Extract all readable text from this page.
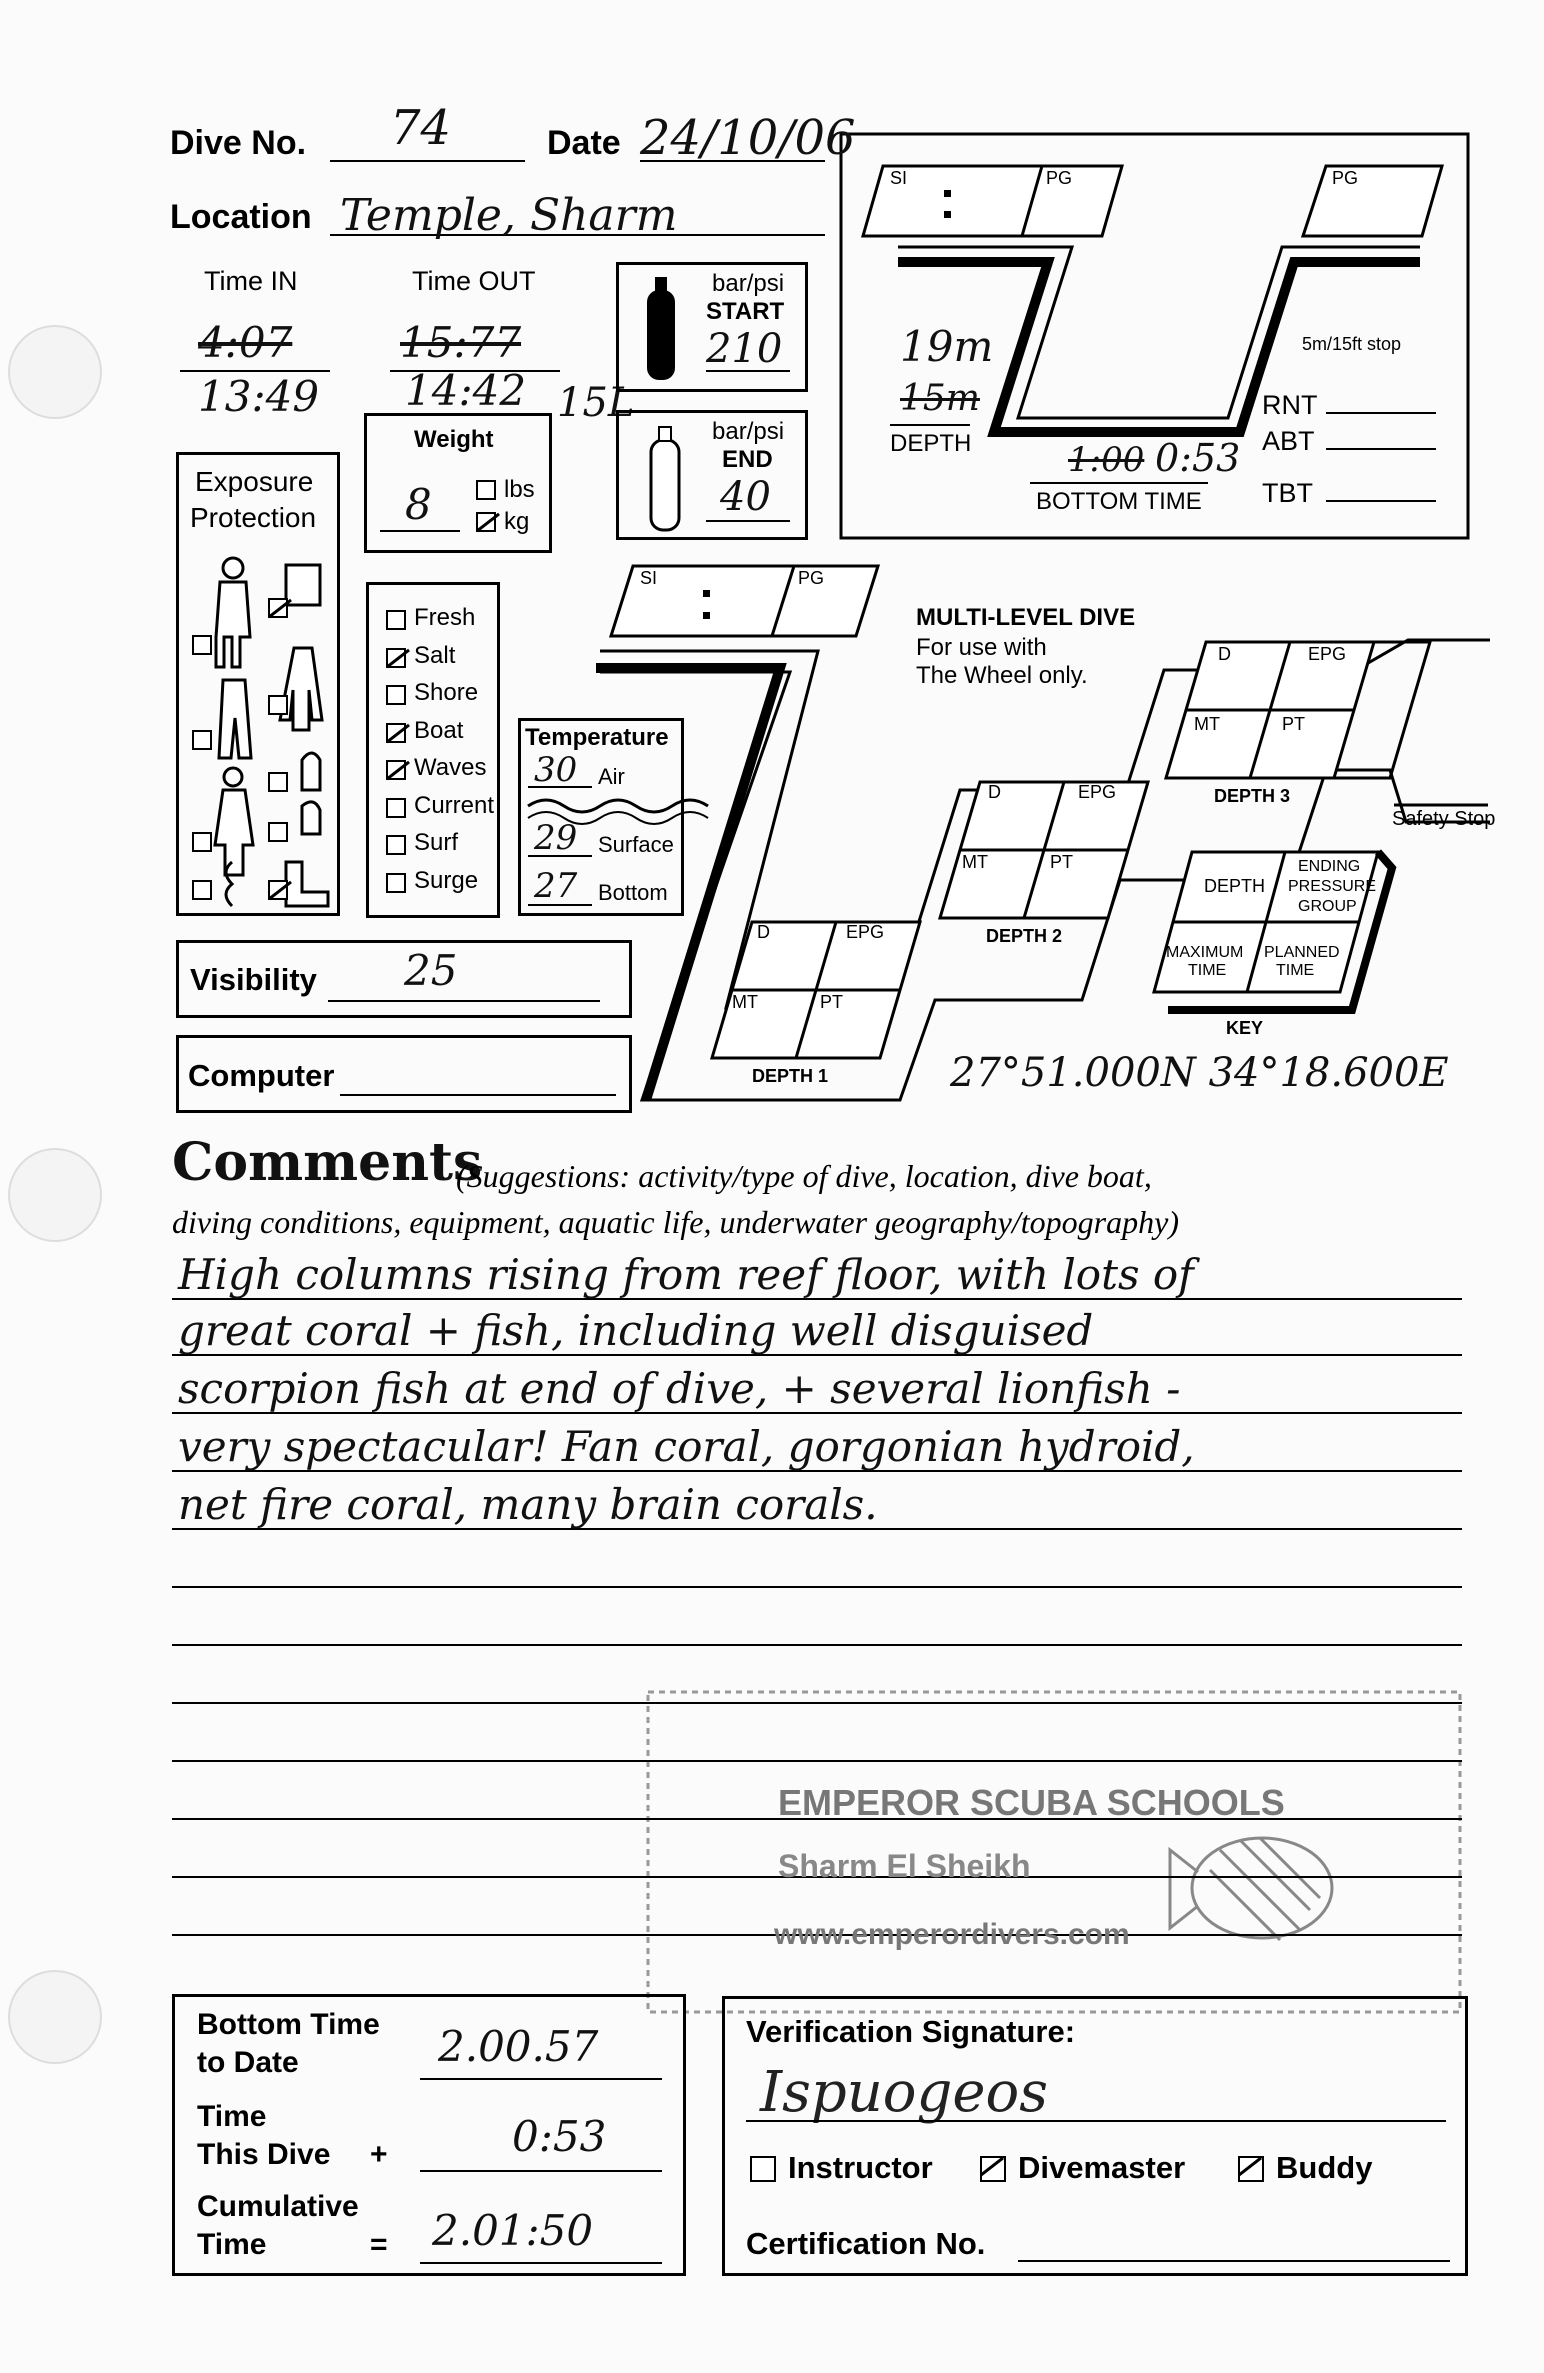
Dive No. 74	Date 24/10/06
Location Temple, Sharm
Time IN
4:07
13:49
Time OUT
15:77
14:42 15L
bar/psi
START
210
bar/psi
END
40
Weight
8	lbs
kg
Exposure
Protection
Fresh
Salt
Shore
Boat
Waves
Current
Surf
Surge
Temperature
30 Air
29 Surface
27 Bottom
Visibility 25
Computer
SI	PG	PG
19m
15m
DEPTH	1:00 0:53
BOTTOM TIME
5m/15ft stop
RNT
ABT
TBT
MULTI-LEVEL DIVE
For use with
The Wheel only.
SI	PG
D	EPG
MT	PT
DEPTH 1
D	EPG
MT	PT
DEPTH 2
D	EPG
MT	PT
DEPTH 3
Safety Stop
DEPTH
ENDING
PRESSURE
GROUP
MAXIMUM
TIME
PLANNED
TIME
KEY
27°51.000N 34°18.600E
Comments
(Suggestions: activity/type of dive, location, dive boat,
diving conditions, equipment, aquatic life, underwater geography/topography)
High columns rising from reef floor, with lots of
great coral + fish, including well disguised
scorpion fish at end of dive, + several lionfish -
very spectacular! Fan coral, gorgonian hydroid,
net fire coral, many brain corals.
EMPEROR SCUBA SCHOOLS
Sharm El Sheikh
www.emperordivers.com
Bottom Time
to Date	2.00.57
Time
This Dive +	0:53
Cumulative
Time	= 2.01:50
Verification Signature:
Ispuogeos
Instructor	Divemaster	Buddy
Certification No.
